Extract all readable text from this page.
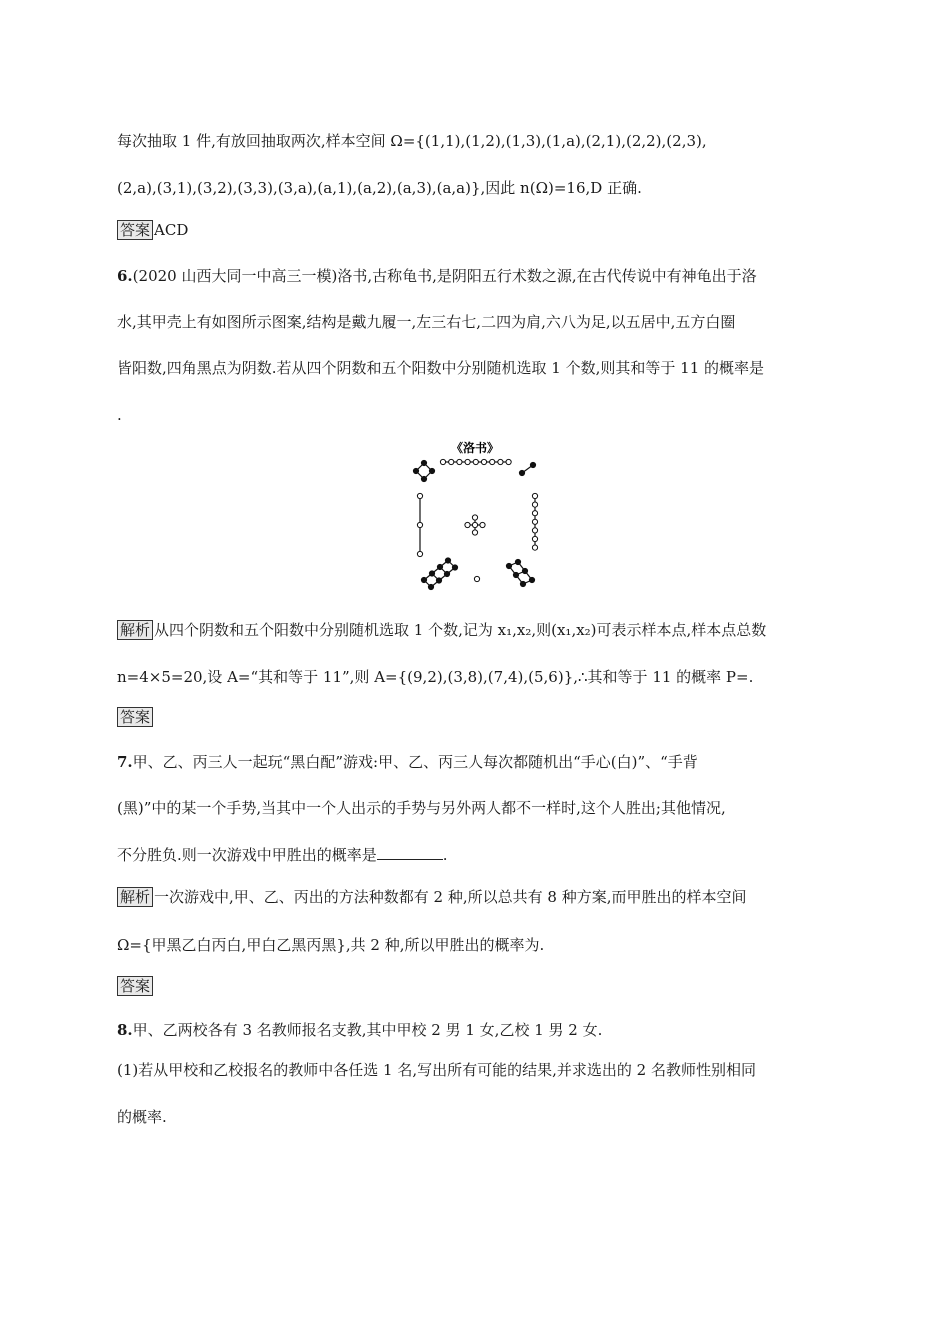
每次抽取 1 件,有放回抽取两次,样本空间 Ω={(1,1),(1,2),(1,3),(1,a),(2,1),(2,2),(2,3),
(2,a),(3,1),(3,2),(3,3),(3,a),(a,1),(a,2),(a,3),(a,a)},因此 n(Ω)=16,D 正确.
答案 ACD
6.(2020 山西大同一中高三一模)洛书,古称龟书,是阴阳五行术数之源,在古代传说中有神龟出于洛
水,其甲壳上有如图所示图案,结构是戴九履一,左三右七,二四为肩,六八为足,以五居中,五方白圈
皆阳数,四角黑点为阴数.若从四个阴数和五个阳数中分别随机选取 1 个数,则其和等于 11 的概率是
.
《洛书》
解析 从四个阴数和五个阳数中分别随机选取 1 个数,记为 x₁,x₂,则(x₁,x₂)可表示样本点,样本点总数
n=4×5=20,设 A=“其和等于 11”,则 A={(9,2),(3,8),(7,4),(5,6)},∴其和等于 11 的概率 P=.
答案
7.甲、乙、丙三人一起玩“黑白配”游戏:甲、乙、丙三人每次都随机出“手心(白)”、“手背
(黑)”中的某一个手势,当其中一个人出示的手势与另外两人都不一样时,这个人胜出;其他情况,
不分胜负.则一次游戏中甲胜出的概率是	.
解析 一次游戏中,甲、乙、丙出的方法种数都有 2 种,所以总共有 8 种方案,而甲胜出的样本空间
Ω={甲黑乙白丙白,甲白乙黑丙黑},共 2 种,所以甲胜出的概率为.
答案
8.甲、乙两校各有 3 名教师报名支教,其中甲校 2 男 1 女,乙校 1 男 2 女.
(1)若从甲校和乙校报名的教师中各任选 1 名,写出所有可能的结果,并求选出的 2 名教师性别相同
的概率.
